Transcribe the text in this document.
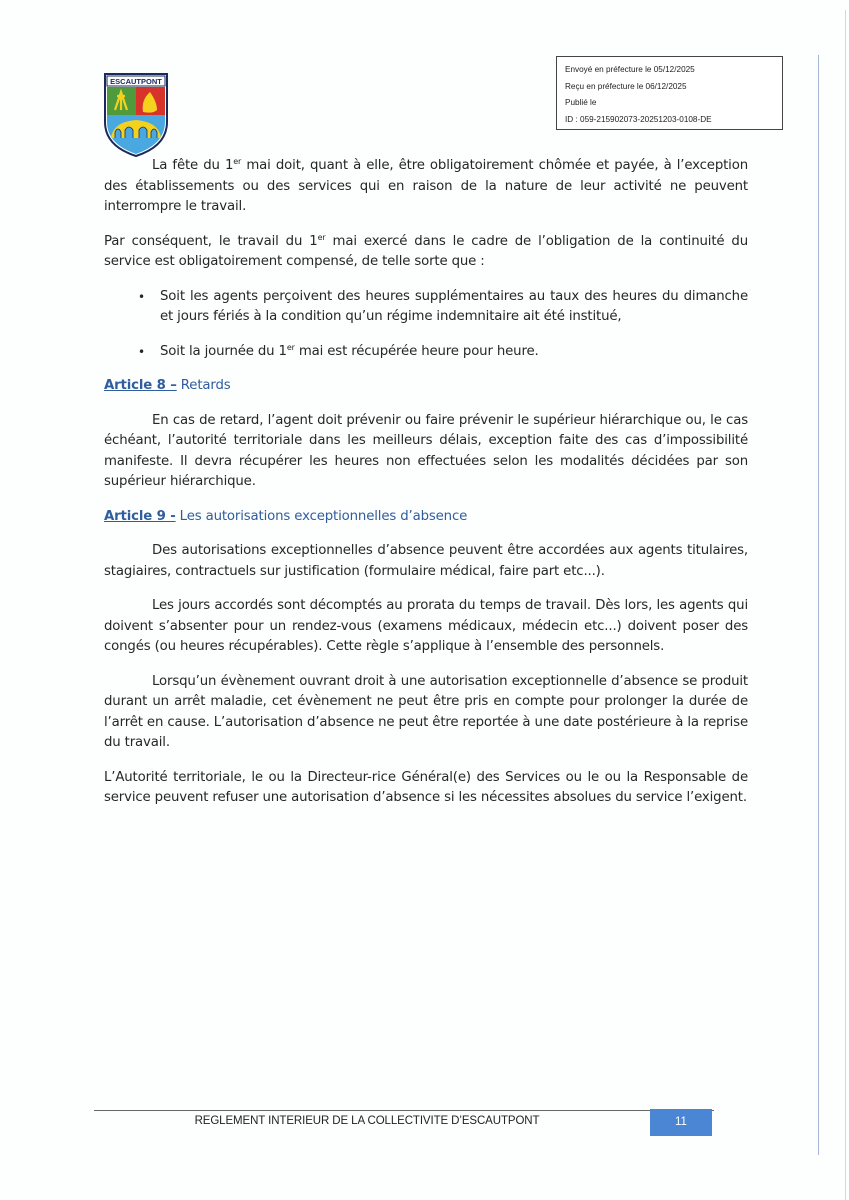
ESCAUTPONT
Envoyé en préfecture le 05/12/2025
Reçu en préfecture le 06/12/2025
Publié le
ID : 059-215902073-20251203-0108-DE

La fête du 1er mai doit, quant à elle, être obligatoirement chômée et payée, à l’exception des établissements ou des services qui en raison de la nature de leur activité ne peuvent interrompre le travail.

Par conséquent, le travail du 1er mai exercé dans le cadre de l’obligation de la continuité du service est obligatoirement compensé, de telle sorte que :

• Soit les agents perçoivent des heures supplémentaires au taux des heures du dimanche et jours fériés à la condition qu’un régime indemnitaire ait été institué,
• Soit la journée du 1er mai est récupérée heure pour heure.
Article 8 – Retards

En cas de retard, l’agent doit prévenir ou faire prévenir le supérieur hiérarchique ou, le cas échéant, l’autorité territoriale dans les meilleurs délais, exception faite des cas d’impossibilité manifeste. Il devra récupérer les heures non effectuées selon les modalités décidées par son supérieur hiérarchique.

Article 9 - Les autorisations exceptionnelles d’absence

Des autorisations exceptionnelles d’absence peuvent être accordées aux agents titulaires, stagiaires, contractuels sur justification (formulaire médical, faire part etc...).

Les jours accordés sont décomptés au prorata du temps de travail. Dès lors, les agents qui doivent s’absenter pour un rendez-vous (examens médicaux, médecin etc...) doivent poser des congés (ou heures récupérables). Cette règle s’applique à l’ensemble des personnels.

Lorsqu’un évènement ouvrant droit à une autorisation exceptionnelle d’absence se produit durant un arrêt maladie, cet évènement ne peut être pris en compte pour prolonger la durée de l’arrêt en cause. L’autorisation d’absence ne peut être reportée à une date postérieure à la reprise du travail.

L’Autorité territoriale, le ou la Directeur-rice Général(e) des Services ou le ou la Responsable de service peuvent refuser une autorisation d’absence si les nécessites absolues du service l’exigent.

REGLEMENT INTERIEUR DE LA COLLECTIVITE D’ESCAUTPONT	11
